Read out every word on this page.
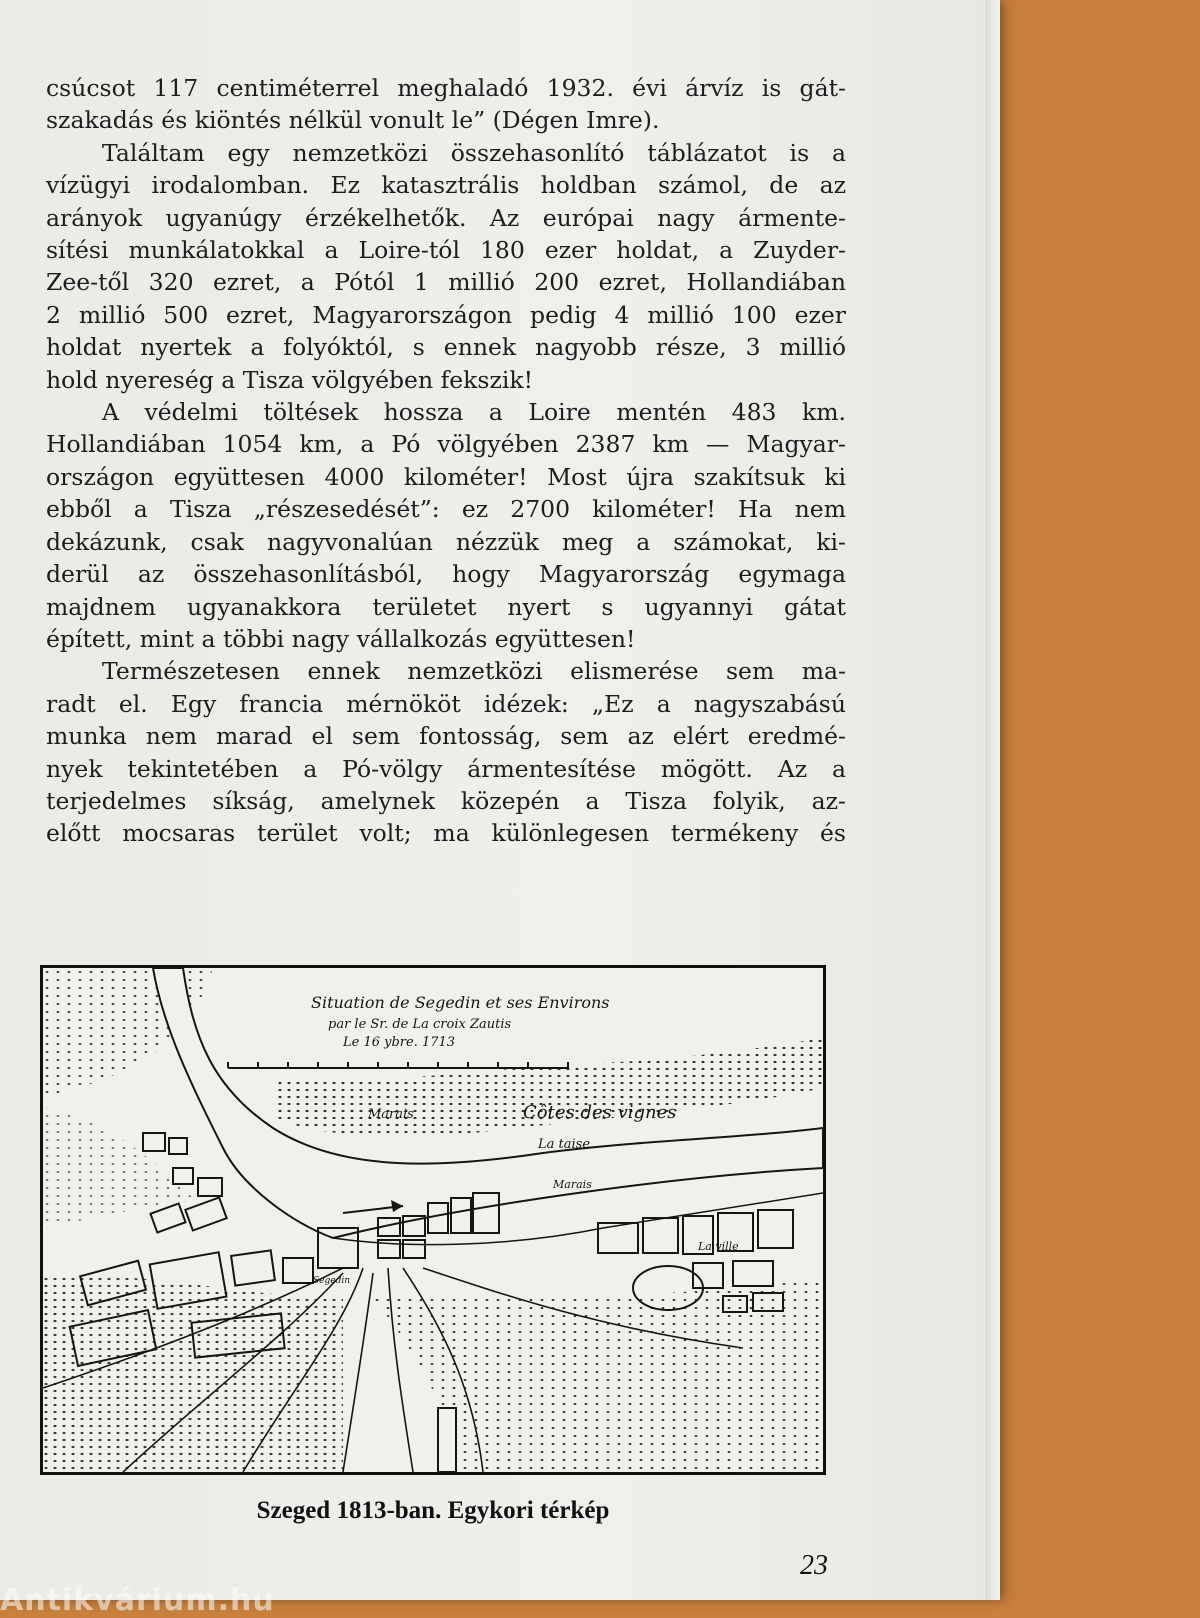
csúcsot 117 centiméterrel meghaladó 1932. évi árvíz is gát-
szakadás és kiöntés nélkül vonult le” (Dégen Imre).
Találtam egy nemzetközi összehasonlító táblázatot is a
vízügyi irodalomban. Ez katasztrális holdban számol, de az
arányok ugyanúgy érzékelhetők. Az európai nagy ármente-
sítési munkálatokkal a Loire-tól 180 ezer holdat, a Zuyder-
Zee-től 320 ezret, a Pótól 1 millió 200 ezret, Hollandiában
2 millió 500 ezret, Magyarországon pedig 4 millió 100 ezer
holdat nyertek a folyóktól, s ennek nagyobb része, 3 millió
hold nyereség a Tisza völgyében fekszik!
A védelmi töltések hossza a Loire mentén 483 km.
Hollandiában 1054 km, a Pó völgyében 2387 km — Magyar-
országon együttesen 4000 kilométer! Most újra szakítsuk ki
ebből a Tisza „részesedését”: ez 2700 kilométer! Ha nem
dekázunk, csak nagyvonalúan nézzük meg a számokat, ki-
derül az összehasonlításból, hogy Magyarország egymaga
majdnem ugyanakkora területet nyert s ugyannyi gátat
épített, mint a többi nagy vállalkozás együttesen!
Természetesen ennek nemzetközi elismerése sem ma-
radt el. Egy francia mérnököt idézek: „Ez a nagyszabású
munka nem marad el sem fontosság, sem az elért eredmé-
nyek tekintetében a Pó-völgy ármentesítése mögött. Az a
terjedelmes síkság, amelynek közepén a Tisza folyik, az-
előtt mocsaras terület volt; ma különlegesen termékeny és
Situation de Segedin et ses Environs
par le Sr. de La croix Zautis
Le 16 ybre. 1713
Marais	Côtes des vignes
La taise
Marais
Segedin
La ville
Szeged 1813-ban. Egykori térkép
23
Antikvárium.hu
